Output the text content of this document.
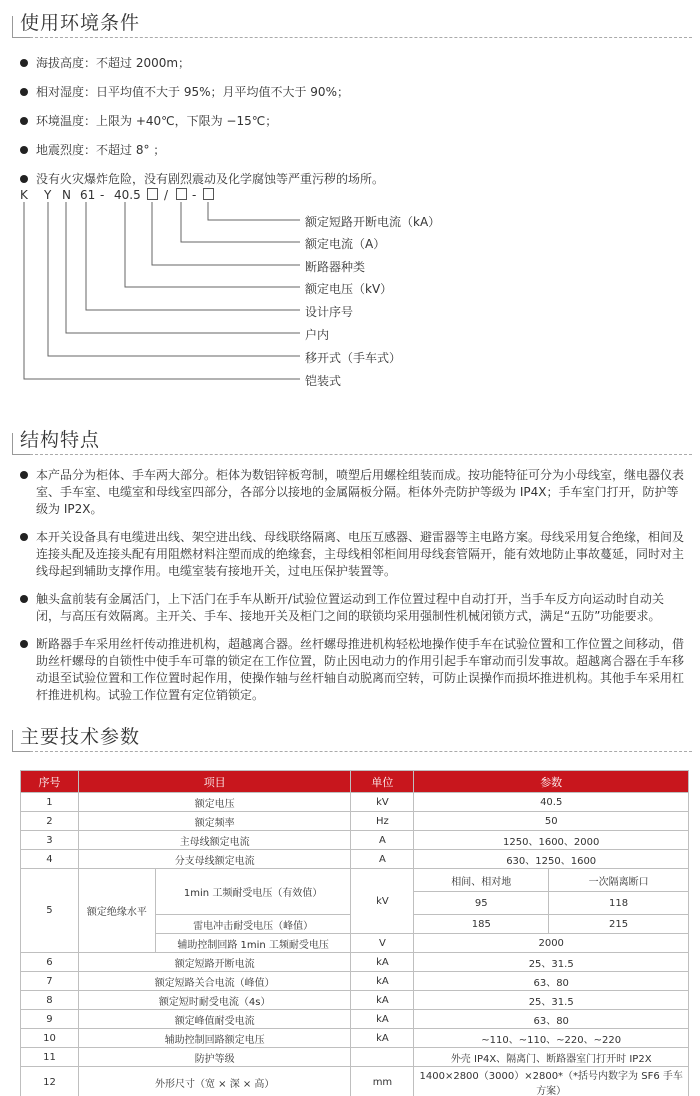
使用环境条件
海拔高度：不超过 2000m；
相对湿度：日平均值不大于 95%；月平均值不大于 90%；
环境温度：上限为 +40℃，下限为 −15℃；
地震烈度：不超过 8° ；
没有火灾爆炸危险，没有剧烈震动及化学腐蚀等严重污秽的场所。
K Y N 61 - 40.5 / -
额定短路开断电流（kA）
额定电流（A）
断路器种类
额定电压（kV）
设计序号
户内
移开式（手车式）
铠装式
结构特点
本产品分为柜体、手车两大部分。柜体为数铝锌板弯制，喷塑后用螺栓组装而成。按功能特征可分为小母线室，继电器仪表室、手车室、电缆室和母线室四部分，各部分以接地的金属隔板分隔。柜体外壳防护等级为 IP4X；手车室门打开，防护等级为 IP2X。
本开关设备具有电缆进出线、架空进出线、母线联络隔离、电压互感器、避雷器等主电路方案。母线采用复合绝缘，相间及连接头配及连接头配有用阻燃材料注塑而成的绝缘套，主母线相邻柜间用母线套管隔开，能有效地防止事故蔓延，同时对主线母起到辅助支撑作用。电缆室装有接地开关，过电压保护装置等。
触头盒前装有金属活门，上下活门在手车从断开/试验位置运动到工作位置过程中自动打开，当手车反方向运动时自动关闭，与高压有效隔离。主开关、手车、接地开关及柜门之间的联锁均采用强制性机械闭锁方式，满足“五防”功能要求。
断路器手车采用丝杆传动推进机构，超越离合器。丝杆螺母推进机构轻松地操作使手车在试验位置和工作位置之间移动，借助丝杆螺母的自锁性中使手车可靠的锁定在工作位置，防止因电动力的作用引起手车窜动而引发事故。超越离合器在手车移动退至试验位置和工作位置时起作用，使操作轴与丝杆轴自动脱离而空转，可防止误操作而损坏推进机构。其他手车采用杠杆推进机构。试验工作位置有定位销锁定。
主要技术参数
序号	项目		单位	参数	
1	额定电压		kV	40.5	
2	额定频率		Hz	50	
3	主母线额定电流		A	1250、1600、2000	
4	分支母线额定电流		A	630、1250、1600	
5	额定绝缘水平	1min 工频耐受电压（有效值）	kV	相间、相对地	一次隔离断口
				95	118
		雷电冲击耐受电压（峰值）		185	215
		辅助控制回路 1min 工频耐受电压	V	2000	
6	额定短路开断电流		kA	25、31.5	
7	额定短路关合电流（峰值）		kA	63、80	
8	额定短时耐受电流（4s）		kA	25、31.5	
9	额定峰值耐受电流		kA	63、80	
10	辅助控制回路额定电压		kA	~110、~110、~220、~220	
11	防护等级			外壳 IP4X、隔离门、断路器室门打开时 IP2X	
12	外形尺寸（宽 × 深 × 高）		mm	1400×2800（3000）×2800*（*括号内数字为 SF6 手车方案）	
